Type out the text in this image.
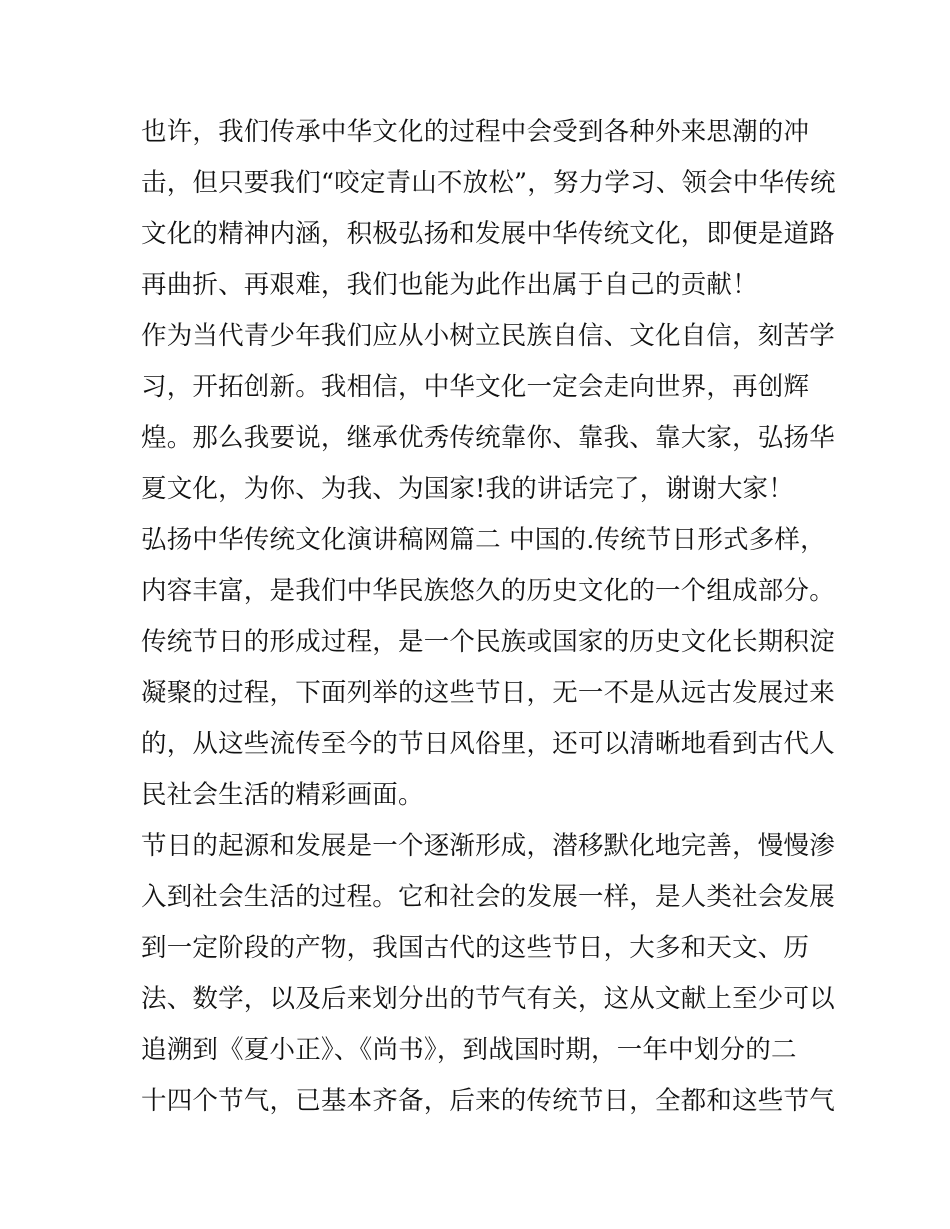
也许，我们传承中华文化的过程中会受到各种外来思潮的冲
击，但只要我们“咬定青山不放松”，努力学习、领会中华传统
文化的精神内涵，积极弘扬和发展中华传统文化，即便是道路
再曲折、再艰难，我们也能为此作出属于自己的贡献！
作为当代青少年我们应从小树立民族自信、文化自信，刻苦学
习，开拓创新。我相信，中华文化一定会走向世界，再创辉
煌。那么我要说，继承优秀传统靠你、靠我、靠大家，弘扬华
夏文化，为你、为我、为国家!我的讲话完了，谢谢大家！
弘扬中华传统文化演讲稿网篇二 中国的.传统节日形式多样，
内容丰富，是我们中华民族悠久的历史文化的一个组成部分。
传统节日的形成过程，是一个民族或国家的历史文化长期积淀
凝聚的过程，下面列举的这些节日，无一不是从远古发展过来
的，从这些流传至今的节日风俗里，还可以清晰地看到古代人
民社会生活的精彩画面。
节日的起源和发展是一个逐渐形成，潜移默化地完善，慢慢渗
入到社会生活的过程。它和社会的发展一样，是人类社会发展
到一定阶段的产物，我国古代的这些节日，大多和天文、历
法、数学，以及后来划分出的节气有关，这从文献上至少可以
追溯到《夏小正》、《尚书》，到战国时期，一年中划分的二
十四个节气，已基本齐备，后来的传统节日，全都和这些节气
